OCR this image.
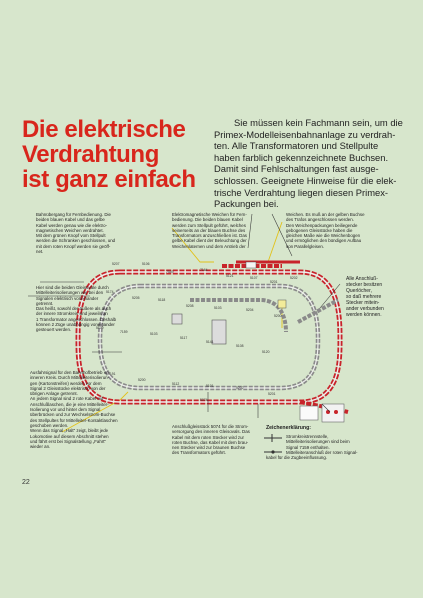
Die elektrische
Verdrahtung
ist ganz einfach
Sie müssen kein Fachmann sein, um die
Primex-Modelleisenbahnanlage zu verdrah-
ten. Alle Transformatoren und Stellpulte
haben farblich gekennzeichnete Buchsen.
Damit sind Fehlschaltungen fast ausge-
schlossen. Geeignete Hinweise für die elek-
trische Verdrahtung liegen diesen Primex-
Packungen bei.
5207	5106
7549	7164
5121	5107
5201
5202
5174
5205	5118
5208	5103	5204
5200
5109
7159	5103
5117
5141
5108
5120
5191
5200
5112	5101	5202
5074
5201
Bahnübergang für Fernbedienung. Die
beiden blauen Kabel und das gelbe
Kabel werden genau wie die elektro-
magnetischen Weichen verdrahtet.
Mit dem grünen Knopf vom Stellpult
werden die Schranken geschlossen, und
mit dem roten Knopf werden sie geöff-
net.
Elektromagnetische Weichen für Fern-
bedienung. Die beiden blauen Kabel
werden zum Stellpult geführt, welches
seinerseits an der blauen Buchse des
Transformators anzuschließen ist. Das
gelbe Kabel dient der Beleuchtung der
Weichenlaternen und dem Antrieb der
Weichen. Es muß an der gelben Buchse
des Trafos angeschlossen werden.
Den Weichenpackungen beiliegende
gebogenen Gleisstücke haben die
gleichen Maße wie die Weichenbogen
und ermöglichen den bündigen Aufbau
von Parallelgleisen.
Hier sind die beiden Gleisovale durch
Mittelleiterisolierungen wie bei den
Signalen elektrisch voneinander
getrennt.
Das heißt, sowohl der äußere als auch
der innere Stromkreis sind jeweils an
1 Transformator angeschlossen. Deshalb
können 2 Züge unabhängig voneinander
gesteuert werden.
Alle Anschluß-
stecker besitzen
Querlöcher,
so daß mehrere
Stecker mitein-
ander verbunden
werden können.
Ausfahrsignal für den Bahnhofbetrieb im
inneren Kreis. Durch Mittelleiterisolierun-
gen (Kartonstreifen) werden vor dem
Signal 2 Gleisstücke elektrisch von der
übrigen Anlage getrennt.
An jedem Signal sind 2 rote Kabel mit
Anschlußlaschen, die je eine Mittelleiter-
Isolierung vor und hinter dem Signal
überbrücken und zur Wechselstrom-Buchse
des Stellpultes für Mittelleiter-Kontaktlaschen
geschoben werden.
Wenn das Signal „Halt" zeigt, bleibt jede
Lokomotive auf diesem Abschnitt stehen
und fährt erst bei Signalstellung „Fahrt"
wieder an.
Anschlußgleisstück 5074 für die Strom-
versorgung des inneren Gleisovals. Das
Kabel mit dem roten Stecker wird zur
roten Buchse, das Kabel mit dem brau-
nen Stecker wird zur braunen Buchse
des Transformators geführt.
Zeichenerklärung:
Stromkreistrennstelle,
Mittelleiterisolierungen sind beim
Signal 7159 enthalten.
Mittelleiteranschluß der roten Signal-
kabel für die Zugbeeinflussung.
22
